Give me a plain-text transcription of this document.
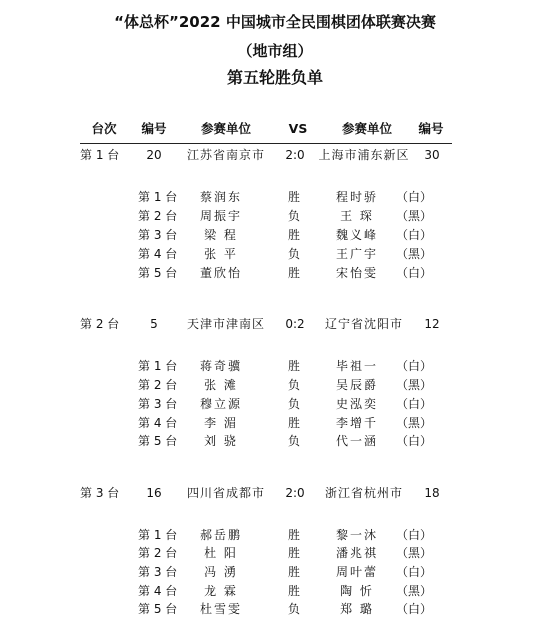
“体总杯”2022 中国城市全民围棋团体联赛决赛
（地市组）
第五轮胜负单
台次	编号	参赛单位	VS	参赛单位	编号
第 1 台	20	江苏省南京市	2:0	上海市浦东新区	30
第 1 台	蔡润东	胜	程时骄	（白）
第 2 台	周振宇	负	王 琛	（黑）
第 3 台	梁 程	胜	魏义峰	（白）
第 4 台	张 平	负	王广宇	（黑）
第 5 台	董欣怡	胜	宋怡雯	（白）
第 2 台	5	天津市津南区	0:2	辽宁省沈阳市	12
第 1 台	蒋奇骥	胜	毕祖一	（白）
第 2 台	张 滩	负	吴辰爵	（黑）
第 3 台	穆立源	负	史泓奕	（白）
第 4 台	李 湄	胜	李增千	（黑）
第 5 台	刘 骁	负	代一涵	（白）
第 3 台	16	四川省成都市	2:0	浙江省杭州市	18
第 1 台	郝岳鹏	胜	黎一沐	（白）
第 2 台	杜 阳	胜	潘兆祺	（黑）
第 3 台	冯 湧	胜	周叶蕾	（白）
第 4 台	龙 霖	胜	陶 忻	（黑）
第 5 台	杜雪雯	负	郑 璐	（白）
